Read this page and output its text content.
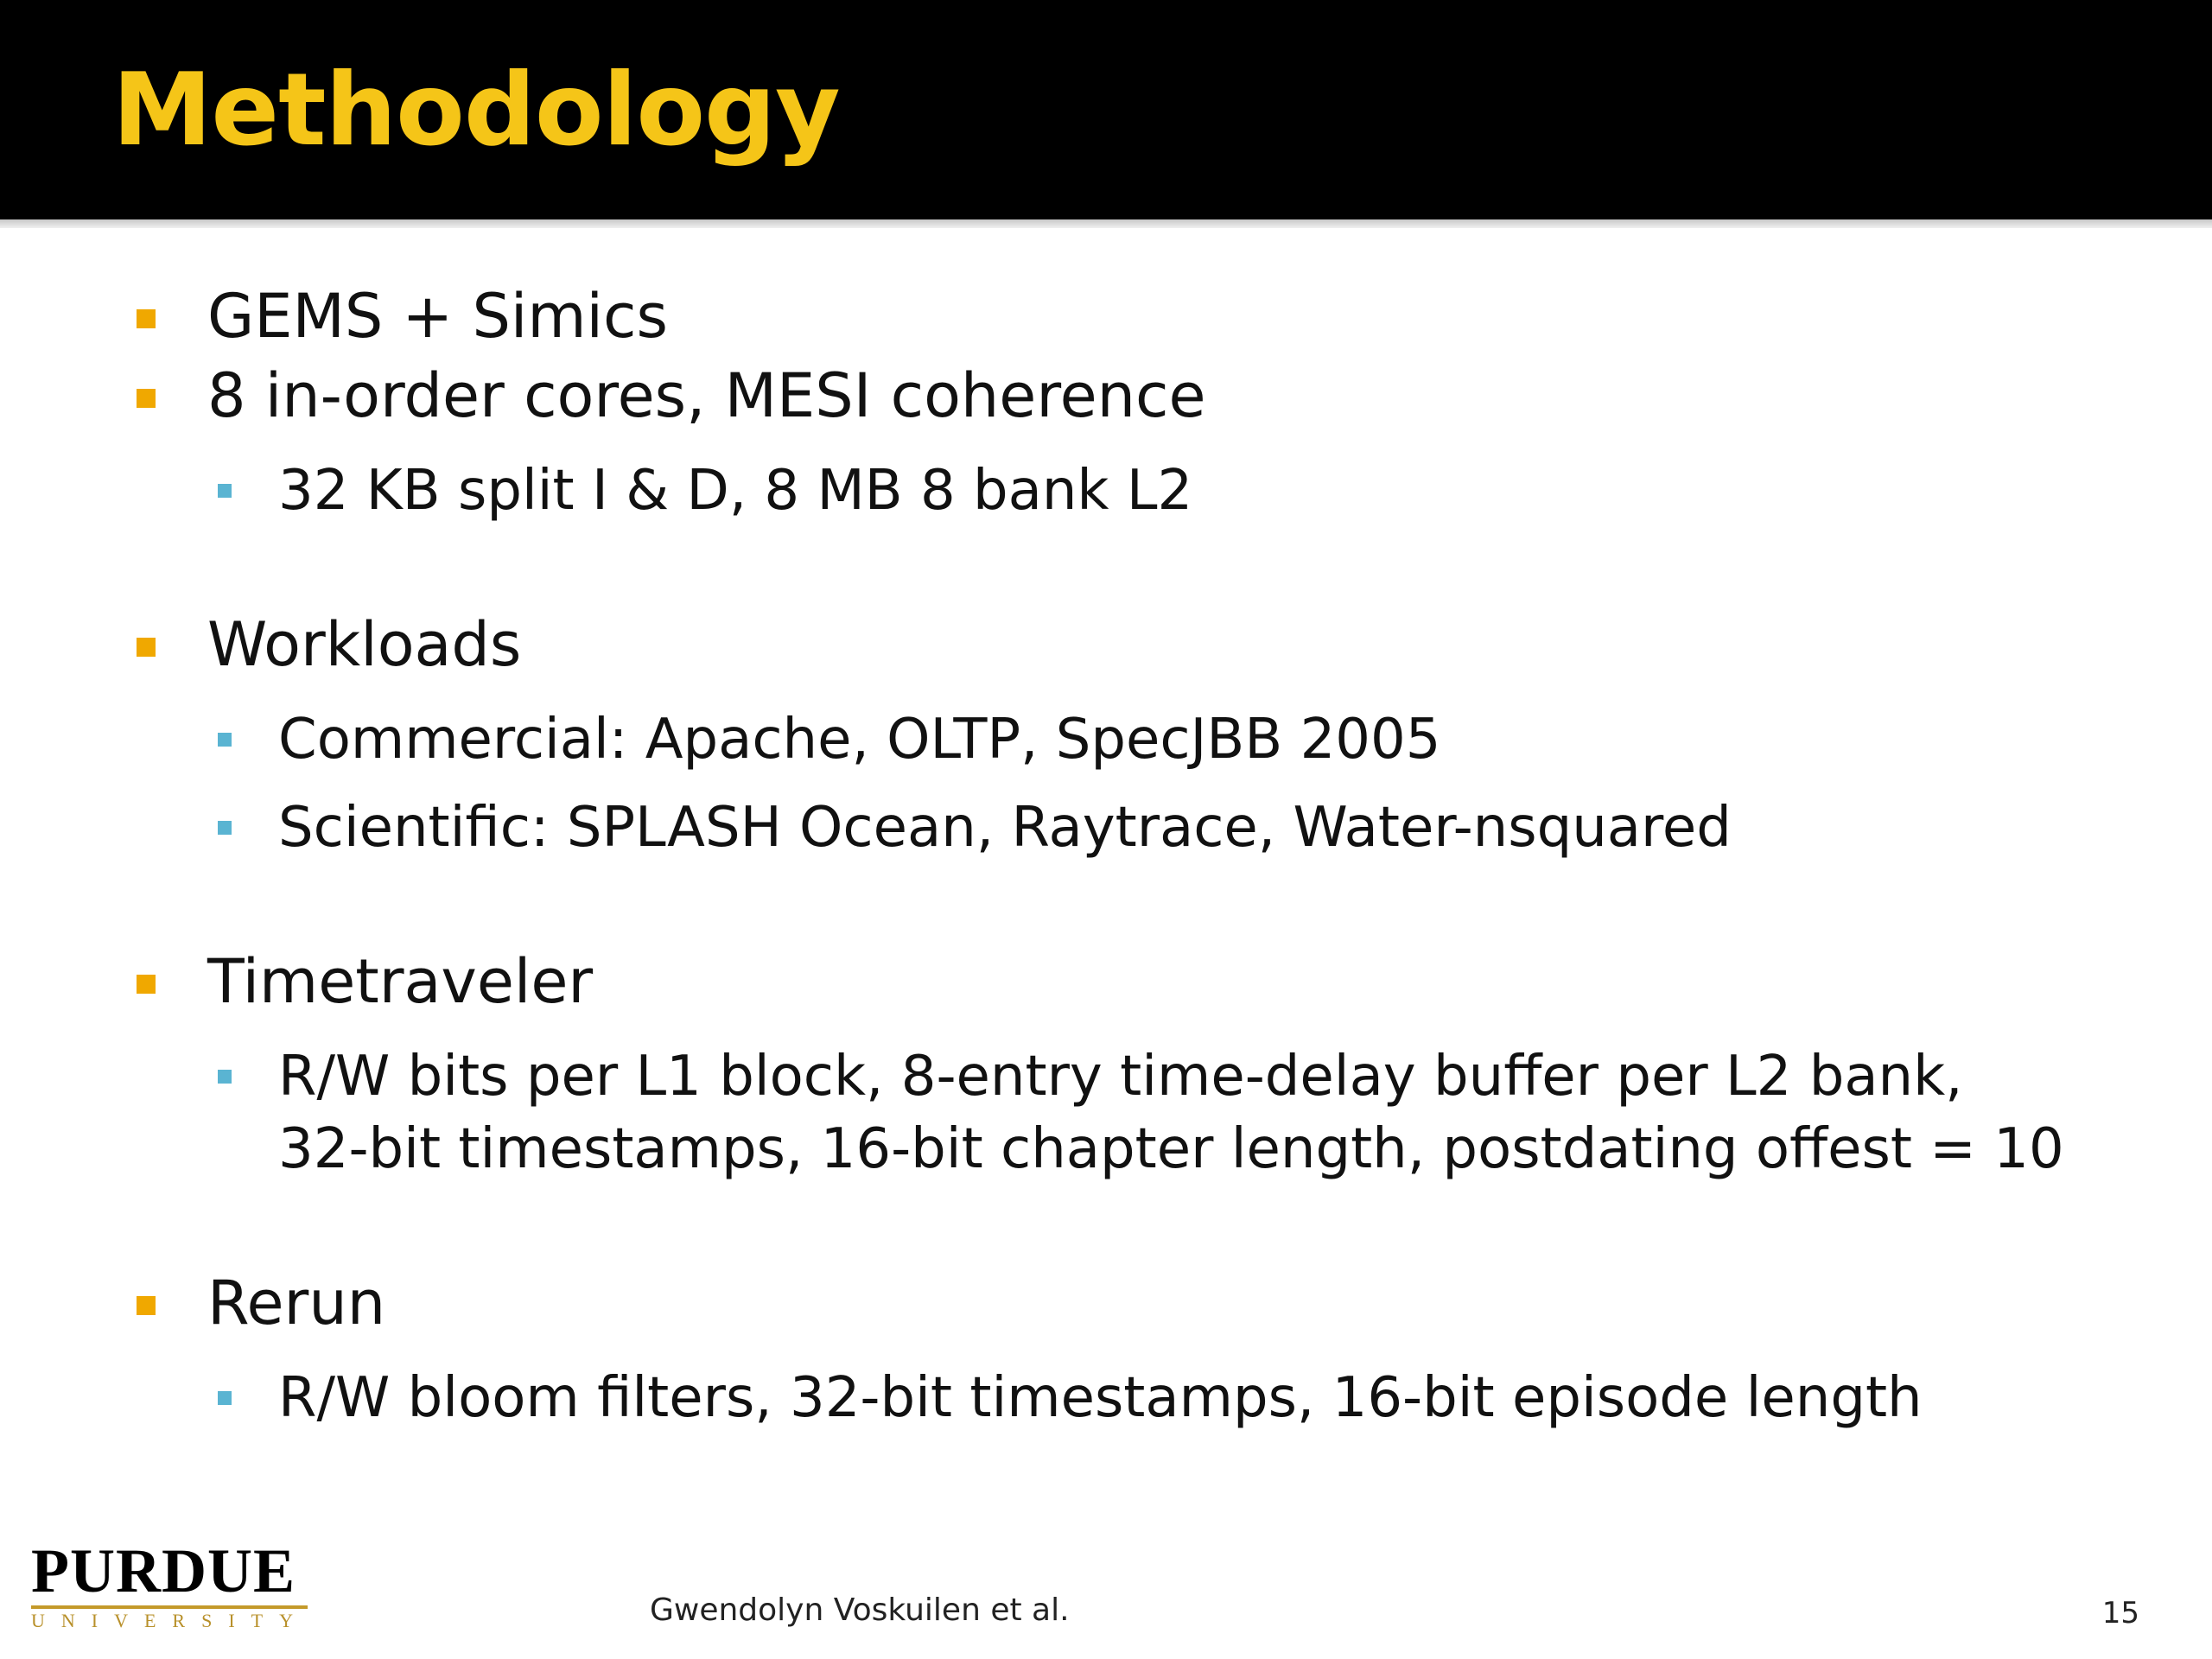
Methodology
GEMS + Simics
8 in-order cores, MESI coherence
32 KB split I & D, 8 MB 8 bank L2
Workloads
Commercial: Apache, OLTP, SpecJBB 2005
Scientific: SPLASH Ocean, Raytrace, Water-nsquared
Timetraveler
R/W bits per L1 block, 8-entry time-delay buffer per L2 bank,
32-bit timestamps, 16-bit chapter length, postdating offest = 10
Rerun
R/W bloom filters, 32-bit timestamps, 16-bit episode length
PURDUE
UNIVERSITY	Gwendolyn Voskuilen et al.	15
